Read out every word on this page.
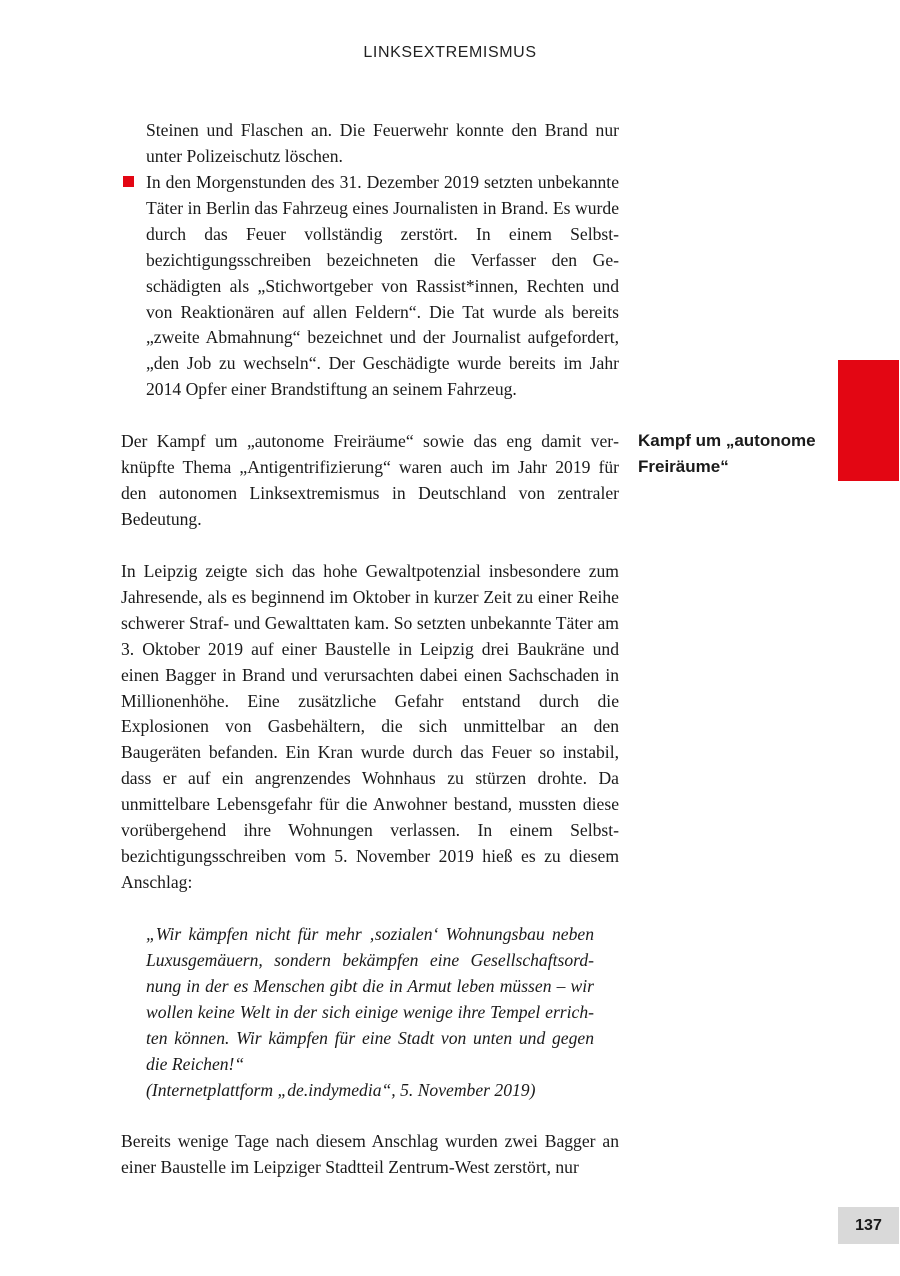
LINKSEXTREMISMUS

Steinen und Flaschen an. Die Feuerwehr konnte den Brand nur unter Polizeischutz löschen.

In den Morgenstunden des 31. Dezember 2019 setzten unbekannte Täter in Berlin das Fahrzeug eines Journalisten in Brand. Es wurde durch das Feuer vollständig zerstört. In einem Selbstbezichtigungsschreiben bezeichneten die Verfasser den Geschädigten als „Stichwortgeber von Rassist*innen, Rechten und von Reaktionären auf allen Feldern“. Die Tat wurde als bereits „zweite Abmahnung“ bezeichnet und der Journalist aufgefordert, „den Job zu wechseln“. Der Geschädigte wurde bereits im Jahr 2014 Opfer einer Brandstiftung an seinem Fahrzeug.

Der Kampf um „autonome Freiräume“ sowie das eng damit verknüpfte Thema „Antigentrifizierung“ waren auch im Jahr 2019 für den autonomen Linksextremismus in Deutschland von zentraler Bedeutung.

Kampf um „autonome Freiräume“

In Leipzig zeigte sich das hohe Gewaltpotenzial insbesondere zum Jahresende, als es beginnend im Oktober in kurzer Zeit zu einer Reihe schwerer Straf- und Gewalttaten kam. So setzten unbekannte Täter am 3. Oktober 2019 auf einer Baustelle in Leipzig drei Baukräne und einen Bagger in Brand und verursachten dabei einen Sachschaden in Millionenhöhe. Eine zusätzliche Gefahr entstand durch die Explosionen von Gasbehältern, die sich unmittelbar an den Baugeräten befanden. Ein Kran wurde durch das Feuer so instabil, dass er auf ein angrenzendes Wohnhaus zu stürzen drohte. Da unmittelbare Lebensgefahr für die Anwohner bestand, mussten diese vorübergehend ihre Wohnungen verlassen. In einem Selbstbezichtigungsschreiben vom 5. November 2019 hieß es zu diesem Anschlag:

„Wir kämpfen nicht für mehr ‚sozialen‘ Wohnungsbau neben Luxusgemäuern, sondern bekämpfen eine Gesellschaftsordnung in der es Menschen gibt die in Armut leben müssen – wir wollen keine Welt in der sich einige wenige ihre Tempel errichten können. Wir kämpfen für eine Stadt von unten und gegen die Reichen!“

(Internetplattform „de.indymedia“, 5. November 2019)

Bereits wenige Tage nach diesem Anschlag wurden zwei Bagger an einer Baustelle im Leipziger Stadtteil Zentrum-West zerstört, nur

137
